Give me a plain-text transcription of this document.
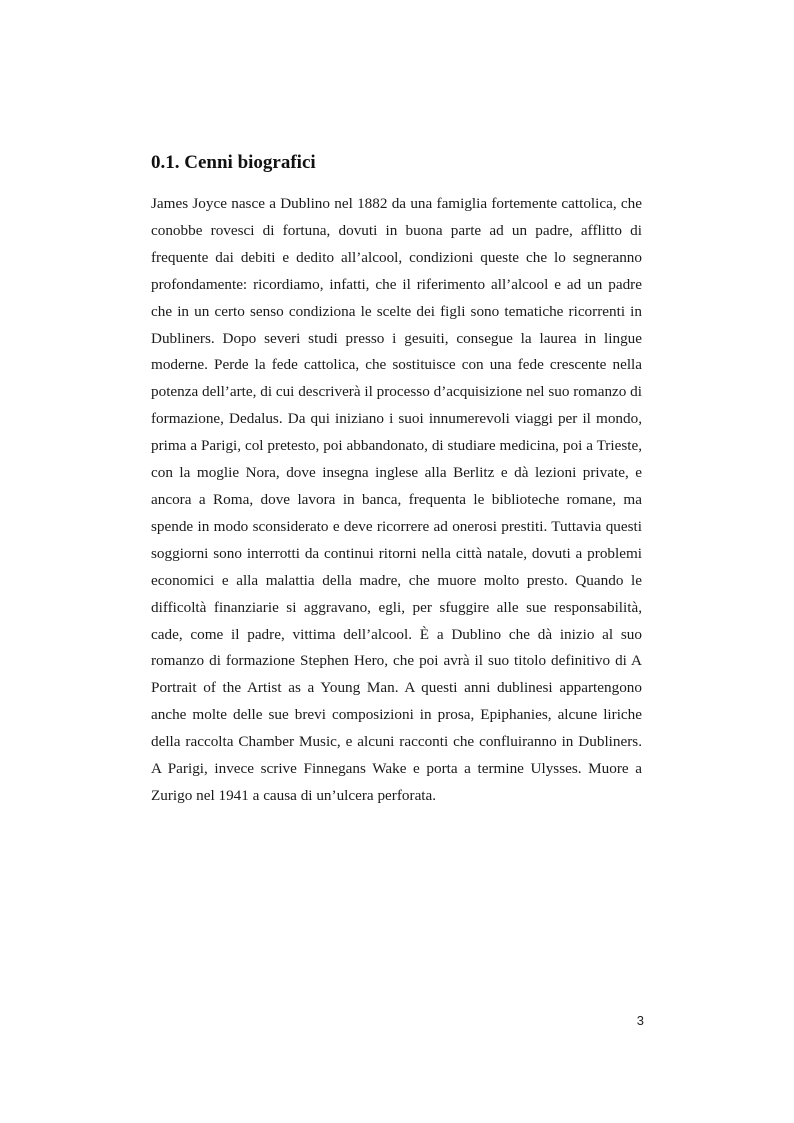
0.1. Cenni biografici

James Joyce nasce a Dublino nel 1882 da una famiglia fortemente cattolica, che conobbe rovesci di fortuna, dovuti in buona parte ad un padre, afflitto di frequente dai debiti e dedito all’alcool, condizioni queste che lo segneranno profondamente: ricordiamo, infatti, che il riferimento all’alcool e ad un padre che in un certo senso condiziona le scelte dei figli sono tematiche ricorrenti in Dubliners. Dopo severi studi presso i gesuiti, consegue la laurea in lingue moderne. Perde la fede cattolica, che sostituisce con una fede crescente nella potenza dell’arte, di cui descriverà il processo d’acquisizione nel suo romanzo di formazione, Dedalus. Da qui iniziano i suoi innumerevoli viaggi per il mondo, prima a Parigi, col pretesto, poi abbandonato, di studiare medicina, poi a Trieste, con la moglie Nora, dove insegna inglese alla Berlitz e dà lezioni private, e ancora a Roma, dove lavora in banca, frequenta le biblioteche romane, ma spende in modo sconsiderato e deve ricorrere ad onerosi prestiti. Tuttavia questi soggiorni sono interrotti da continui ritorni nella città natale, dovuti a problemi economici e alla malattia della madre, che muore molto presto. Quando le difficoltà finanziarie si aggravano, egli, per sfuggire alle sue responsabilità, cade, come il padre, vittima dell’alcool. È a Dublino che dà inizio al suo romanzo di formazione Stephen Hero, che poi avrà il suo titolo definitivo di A Portrait of the Artist as a Young Man. A questi anni dublinesi appartengono anche molte delle sue brevi composizioni in prosa, Epiphanies, alcune liriche della raccolta Chamber Music, e alcuni racconti che confluiranno in Dubliners. A Parigi, invece scrive Finnegans Wake e porta a termine Ulysses. Muore a Zurigo nel 1941 a causa di un’ulcera perforata.

3
